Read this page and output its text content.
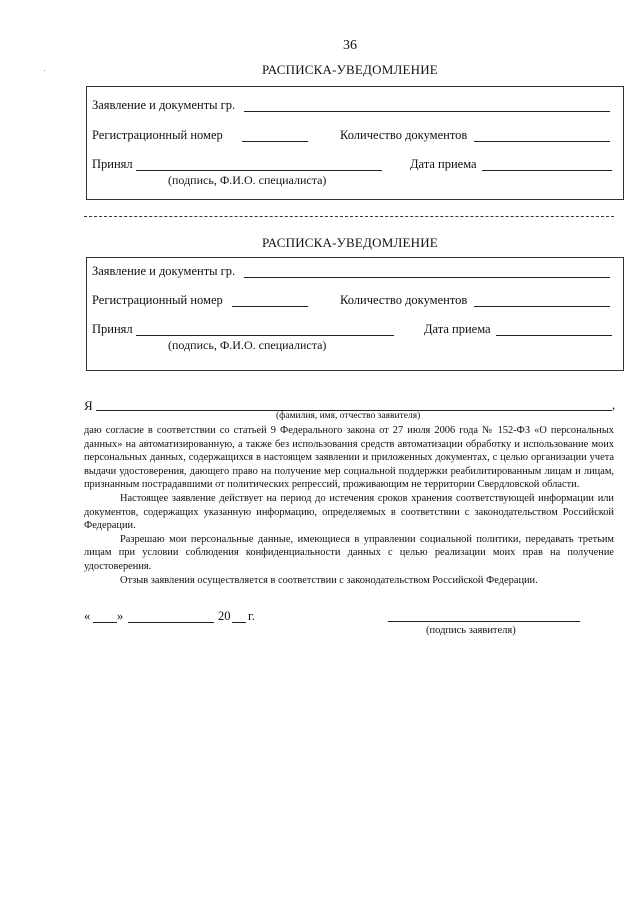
36
РАСПИСКА-УВЕДОМЛЕНИЕ
Заявление и документы гр.
Регистрационный номер	Количество документов
Принял	Дата приема
(подпись, Ф.И.О. специалиста)
РАСПИСКА-УВЕДОМЛЕНИЕ
Заявление и документы гр.
Регистрационный номер	Количество документов
Принял	Дата приема
(подпись, Ф.И.О. специалиста)
Я	,
(фамилия, имя, отчество заявителя)

даю согласие в соответствии со статьей 9 Федерального закона от 27 июля 2006 года № 152-ФЗ «О персональных данных» на автоматизированную, а также без использования средств автоматизации обработку и использование моих персональных данных, содержащихся в настоящем заявлении и приложенных документах, с целью организации учета выдачи удостоверения, дающего право на получение мер социальной поддержки реабилитированным лицам и лицам, признанным пострадавшими от политических репрессий, проживающим не территории Свердловской области.

Настоящее заявление действует на период до истечения сроков хранения соответствующей информации или документов, содержащих указанную информацию, определяемых в соответствии с законодательством Российской Федерации.

Разрешаю мои персональные данные, имеющиеся в управлении социальной политики, передавать третьим лицам при условии соблюдения конфиденциальности данных с целью реализации моих прав на получение удостоверения.

Отзыв заявления осуществляется в соответствии с законодательством Российской Федерации.

« »	20 г.
(подпись заявителя)
